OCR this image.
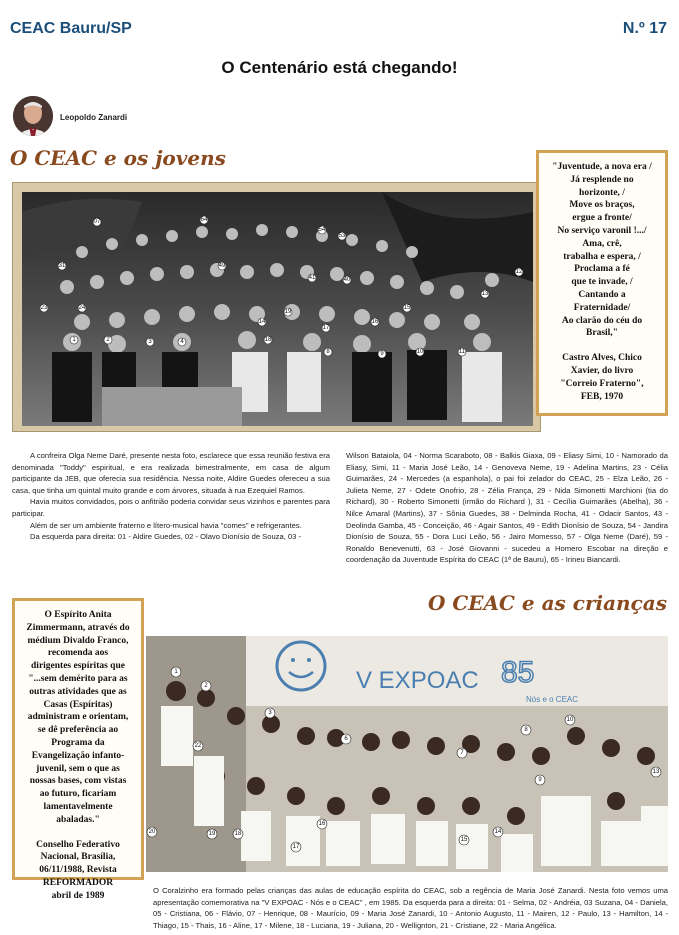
CEAC Bauru/SP	N.º 17
O Centenário está chegando!
Leopoldo Zanardi
O CEAC e os jovens
1	2	3	4
8	9	10	11
12
13
14
15
16
17
18
19
23	24
31
07	64
54
53
49
41	40
"Juventude, a nova era /
Já resplende no
horizonte, /
Move os braços,
ergue a fronte/
No serviço varonil !.../
Ama, crê,
trabalha e espera, /
Proclama a fé
que te invade, /
Cantando a
Fraternidade/
Ao clarão do céu do
Brasil,"
Castro Alves, Chico
Xavier, do livro
"Correio Fraterno",
FEB, 1970

A confreira Olga Neme Daré, presente nesta foto, esclarece que essa reunião festiva era denominada "Toddy" espiritual, e era realizada bimestralmente, em casa de algum participante da JEB, que oferecia sua residência. Nessa noite, Aldire Guedes ofereceu a sua casa, que tinha um quintal muito grande e com árvores, situada à rua Ezequiel Ramos.

Havia muitos convidados, pois o anfitrião poderia convidar seus vizinhos e parentes para participar.

Além de ser um ambiente fraterno e lítero-musical havia "comes" e refrigerantes.

Da esquerda para direita: 01 - Aldire Guedes, 02 - Olavo Dionísio de Souza, 03 -

Wilson Bataiola, 04 - Norma Scaraboto, 08 - Balkis Giaxa, 09 - Eliasy Simi, 10 - Namorado da Eliasy, Simi, 11 - Maria José Leão, 14 - Genoveva Neme, 19 - Adelina Martins, 23 - Célia Guimarães, 24 - Mercedes (a espanhola), o pai foi zelador do CEAC, 25 - Elza Leão, 26 - Julieta Neme, 27 - Odete Onofrio, 28 - Zélia França, 29 - Nida Simonetti Marchioni (tia do Richard), 30 - Roberto Simonetti (irmão do Richard ), 31 - Cecília Guimarães (Abelha), 36 - Nilce Amaral (Martins), 37 - Sônia Guedes, 38 - Delminda Rocha, 41 - Odacir Santos, 43 - Deolinda Gamba, 45 - Conceição, 46 - Agair Santos, 49 - Edith Dionísio de Souza, 54 - Jandira Dionísio de Souza, 55 - Dora Luci Leão, 56 - Jairo Momesso, 57 - Olga Neme (Daré), 59 - Ronaldo Benevenutti, 63 - José Giovanni - sucedeu a Homero Escobar na direção e coordenação da Juventude Espírita do CEAC (1ª de Bauru), 65 - Irineu Biancardi.

O CEAC e as crianças
O Espírito Anita
Zimmermann, através do
médium Divaldo Franco,
recomenda aos
dirigentes espíritas que
"...sem demérito para as
outras atividades que as
Casas (Espíritas)
administram e orientam,
se dê preferência ao
Programa da
Evangelização infanto-
juvenil, sem o que as
nossas bases, com vistas
ao futuro, ficariam
lamentavelmente
abaladas."
Conselho Federativo
Nacional, Brasília,
06/11/1988, Revista
REFORMADOR
abril de 1989
V EXPOAC 85
Nós e o CEAC
1
2
3
6
7
8
9
10
13
14
15
16
17
18
19
20
22
O Coralzinho era formado pelas crianças das aulas de educação espírita do CEAC, sob a regência de Maria José Zanardi. Nesta foto vemos uma apresentação comemorativa na "V EXPOAC - Nós e o CEAC" , em 1985. Da esquerda para a direita: 01 - Selma, 02 - Andréia, 03 Suzana, 04 - Daniela, 05 - Cristiana, 06 - Flávio, 07 - Henrique, 08 - Maurício, 09 - Maria José Zanardi, 10 - Antonio Augusto, 11 - Mairen, 12 - Paulo, 13 - Hamilton, 14 - Thiago, 15 - Thais, 16 - Aline, 17 - Milene, 18 - Luciana, 19 - Juliana, 20 - Wellignton, 21 - Cristiane, 22 - Maria Angélica.
